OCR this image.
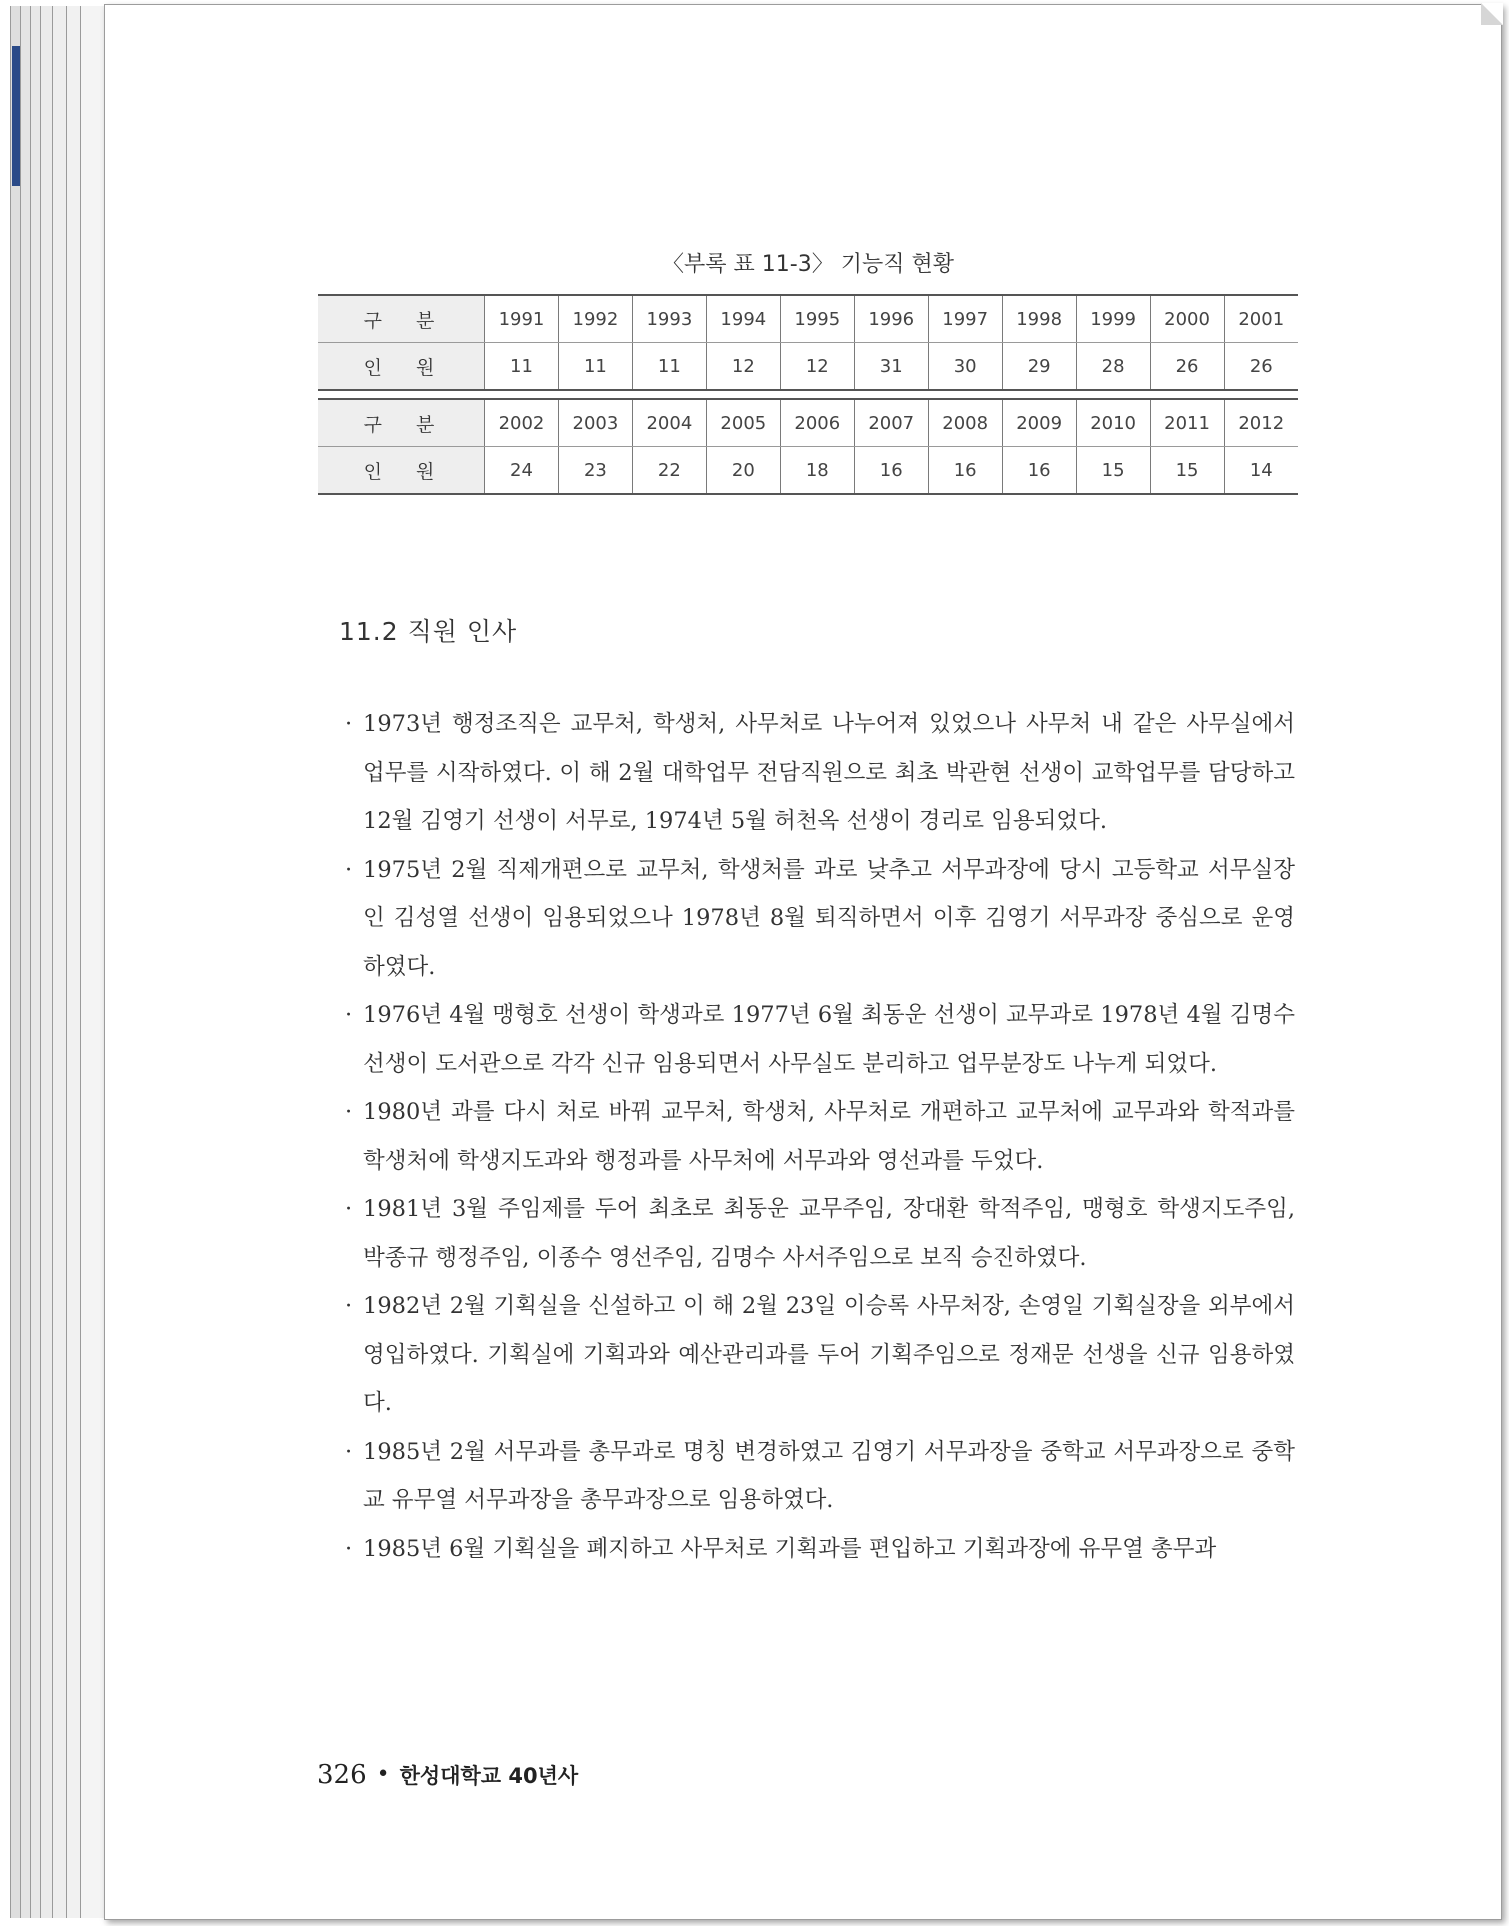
〈부록 표 11-3〉 기능직 현황
구 분	1991	1992	1993	1994	1995	1996	1997	1998	1999	2000	2001
인 원	11	11	11	12	12	31	30	29	28	26	26
구 분	2002	2003	2004	2005	2006	2007	2008	2009	2010	2011	2012
인 원	24	23	22	20	18	16	16	16	15	15	14
11.2 직원 인사

· 1973년 행정조직은 교무처, 학생처, 사무처로 나누어져 있었으나 사무처 내 같은 사무실에서 업무를 시작하였다. 이 해 2월 대학업무 전담직원으로 최초 박관현 선생이 교학업무를 담당하고 12월 김영기 선생이 서무로, 1974년 5월 허천옥 선생이 경리로 임용되었다.

· 1975년 2월 직제개편으로 교무처, 학생처를 과로 낮추고 서무과장에 당시 고등학교 서무실장인 김성열 선생이 임용되었으나 1978년 8월 퇴직하면서 이후 김영기 서무과장 중심으로 운영하였다.

· 1976년 4월 맹형호 선생이 학생과로 1977년 6월 최동운 선생이 교무과로 1978년 4월 김명수 선생이 도서관으로 각각 신규 임용되면서 사무실도 분리하고 업무분장도 나누게 되었다.

· 1980년 과를 다시 처로 바꿔 교무처, 학생처, 사무처로 개편하고 교무처에 교무과와 학적과를 학생처에 학생지도과와 행정과를 사무처에 서무과와 영선과를 두었다.

· 1981년 3월 주임제를 두어 최초로 최동운 교무주임, 장대환 학적주임, 맹형호 학생지도주임, 박종규 행정주임, 이종수 영선주임, 김명수 사서주임으로 보직 승진하였다.

· 1982년 2월 기획실을 신설하고 이 해 2월 23일 이승록 사무처장, 손영일 기획실장을 외부에서 영입하였다. 기획실에 기획과와 예산관리과를 두어 기획주임으로 정재문 선생을 신규 임용하였다.

· 1985년 2월 서무과를 총무과로 명칭 변경하였고 김영기 서무과장을 중학교 서무과장으로 중학교 유무열 서무과장을 총무과장으로 임용하였다.

· 1985년 6월 기획실을 폐지하고 사무처로 기획과를 편입하고 기획과장에 유무열 총무과

326 • 한성대학교 40년사
